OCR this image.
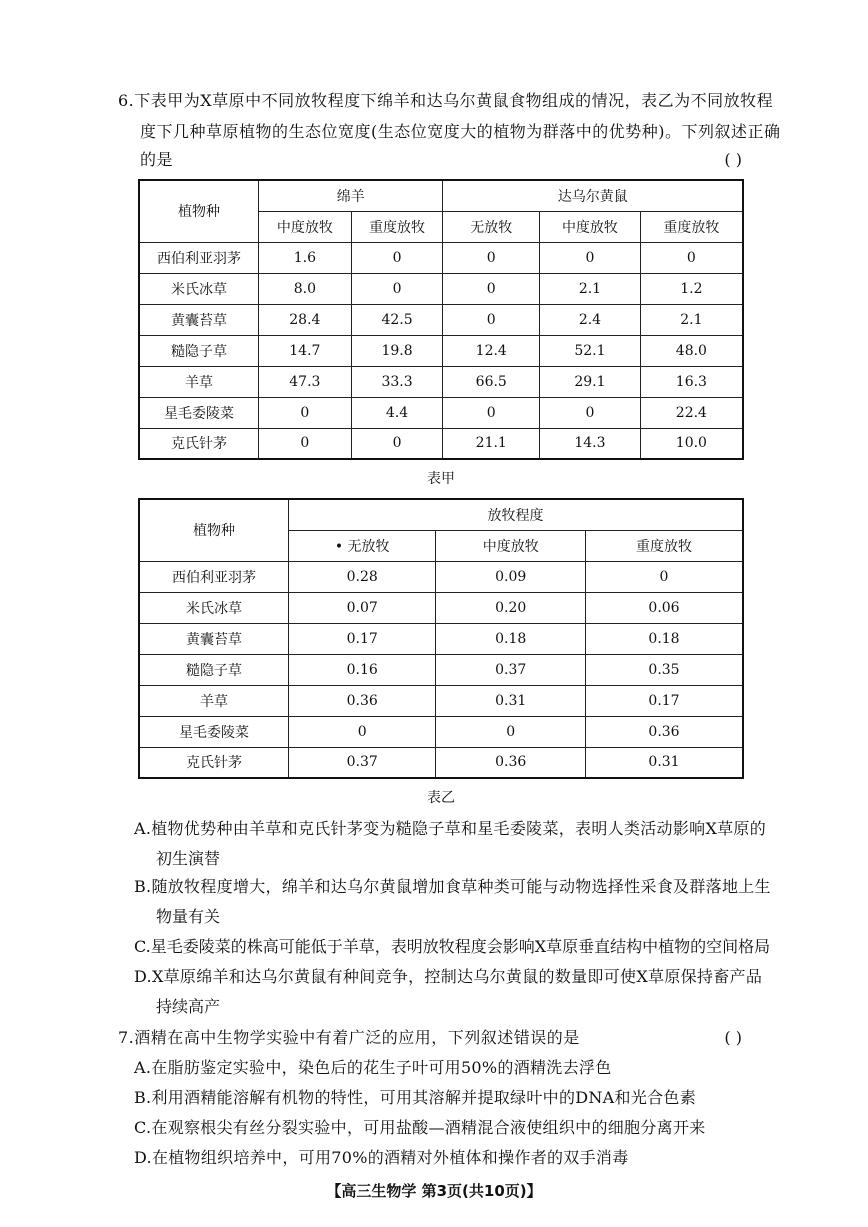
6.下表甲为X草原中不同放牧程度下绵羊和达乌尔黄鼠食物组成的情况，表乙为不同放牧程
度下几种草原植物的生态位宽度(生态位宽度大的植物为群落中的优势种)。下列叙述正确
的是	( )
植物种	绵羊		达乌尔黄鼠		
	中度放牧	重度放牧	无放牧	中度放牧	重度放牧
西伯利亚羽茅	1.6	0	0	0	0
米氏冰草	8.0	0	0	2.1	1.2
黄囊苔草	28.4	42.5	0	2.4	2.1
糙隐子草	14.7	19.8	12.4	52.1	48.0
羊草	47.3	33.3	66.5	29.1	16.3
星毛委陵菜	0	4.4	0	0	22.4
克氏针茅	0	0	21.1	14.3	10.0
表甲
植物种	放牧程度		
	• 无放牧	中度放牧	重度放牧
西伯利亚羽茅	0.28	0.09	0
米氏冰草	0.07	0.20	0.06
黄囊苔草	0.17	0.18	0.18
糙隐子草	0.16	0.37	0.35
羊草	0.36	0.31	0.17
星毛委陵菜	0	0	0.36
克氏针茅	0.37	0.36	0.31
表乙
A.植物优势种由羊草和克氏针茅变为糙隐子草和星毛委陵菜，表明人类活动影响X草原的
初生演替
B.随放牧程度增大，绵羊和达乌尔黄鼠增加食草种类可能与动物选择性采食及群落地上生
物量有关
C.星毛委陵菜的株高可能低于羊草，表明放牧程度会影响X草原垂直结构中植物的空间格局
D.X草原绵羊和达乌尔黄鼠有种间竞争，控制达乌尔黄鼠的数量即可使X草原保持畜产品
持续高产
7.酒精在高中生物学实验中有着广泛的应用，下列叙述错误的是	( )
A.在脂肪鉴定实验中，染色后的花生子叶可用50%的酒精洗去浮色
B.利用酒精能溶解有机物的特性，可用其溶解并提取绿叶中的DNA和光合色素
C.在观察根尖有丝分裂实验中，可用盐酸—酒精混合液使组织中的细胞分离开来
D.在植物组织培养中，可用70%的酒精对外植体和操作者的双手消毒
【高三生物学 第3页(共10页)】
